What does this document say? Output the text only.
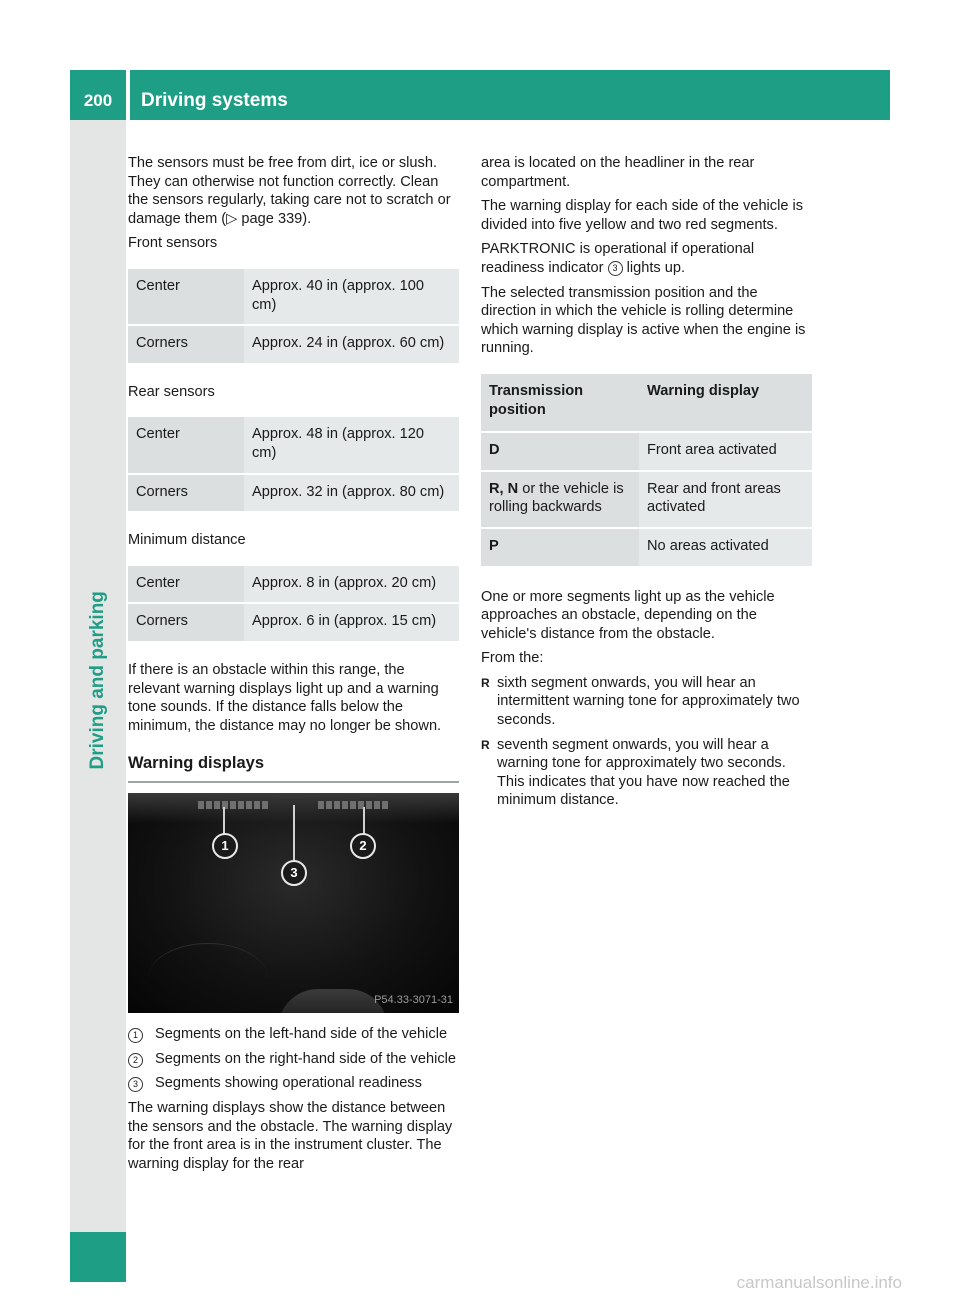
200	Driving systems
Driving and parking

The sensors must be free from dirt, ice or slush. They can otherwise not function correctly. Clean the sensors regularly, taking care not to scratch or damage them (▷ page 339).

Front sensors

Center	Approx. 40 in (approx. 100 cm)
Corners	Approx. 24 in (approx. 60 cm)

Rear sensors

Center	Approx. 48 in (approx. 120 cm)
Corners	Approx. 32 in (approx. 80 cm)

Minimum distance

Center	Approx. 8 in (approx. 20 cm)
Corners	Approx. 6 in (approx. 15 cm)

If there is an obstacle within this range, the relevant warning displays light up and a warning tone sounds. If the distance falls below the minimum, the distance may no longer be shown.

Warning displays
1	2
3
P54.33-3071-31
1	Segments on the left-hand side of the vehicle
2	Segments on the right-hand side of the vehicle
3	Segments showing operational readiness

The warning displays show the distance between the sensors and the obstacle. The warning display for the front area is in the instrument cluster. The warning display for the rear

area is located on the headliner in the rear compartment.

The warning display for each side of the vehicle is divided into five yellow and two red segments.

PARKTRONIC is operational if operational readiness indicator 3 lights up.

The selected transmission position and the direction in which the vehicle is rolling determine which warning display is active when the engine is running.

Transmission position	Warning display
D	Front area activated
R, N or the vehicle is rolling backwards	Rear and front areas activated
P	No areas activated

One or more segments light up as the vehicle approaches an obstacle, depending on the vehicle's distance from the obstacle.

From the:

R sixth segment onwards, you will hear an intermittent warning tone for approximately two seconds.
R seventh segment onwards, you will hear a warning tone for approximately two seconds. This indicates that you have now reached the minimum distance.
carmanualsonline.info
